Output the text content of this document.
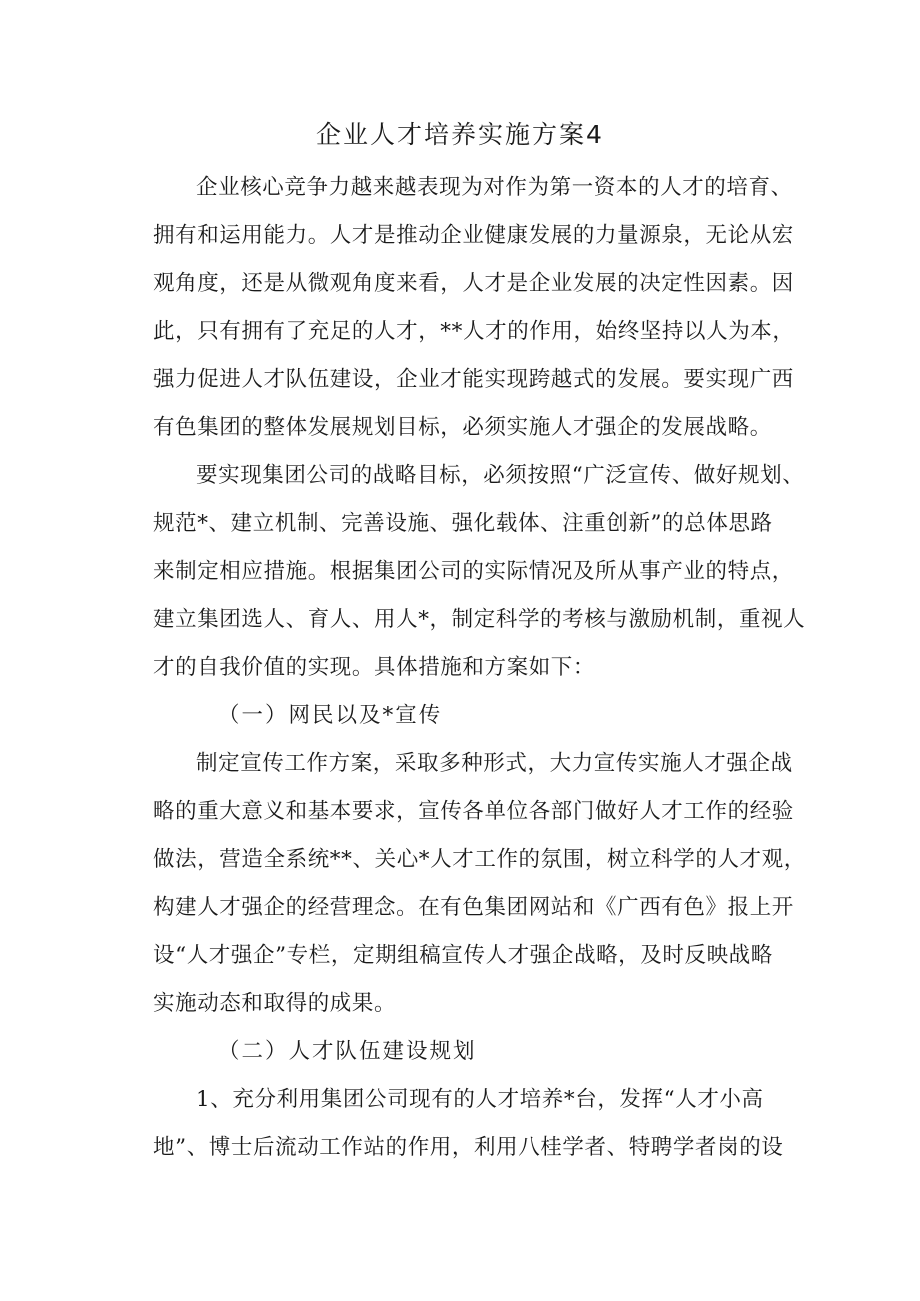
企业人才培养实施方案4
企业核心竞争力越来越表现为对作为第一资本的人才的培育、
拥有和运用能力。人才是推动企业健康发展的力量源泉，无论从宏
观角度，还是从微观角度来看，人才是企业发展的决定性因素。因
此，只有拥有了充足的人才，**人才的作用，始终坚持以人为本，
强力促进人才队伍建设，企业才能实现跨越式的发展。要实现广西
有色集团的整体发展规划目标，必须实施人才强企的发展战略。
要实现集团公司的战略目标，必须按照“广泛宣传、做好规划、
规范*、建立机制、完善设施、强化载体、注重创新”的总体思路
来制定相应措施。根据集团公司的实际情况及所从事产业的特点，
建立集团选人、育人、用人*，制定科学的考核与激励机制，重视人
才的自我价值的实现。具体措施和方案如下：
（一）网民以及*宣传
制定宣传工作方案，采取多种形式，大力宣传实施人才强企战
略的重大意义和基本要求，宣传各单位各部门做好人才工作的经验
做法，营造全系统**、关心*人才工作的氛围，树立科学的人才观，
构建人才强企的经营理念。在有色集团网站和《广西有色》报上开
设“人才强企”专栏，定期组稿宣传人才强企战略，及时反映战略
实施动态和取得的成果。
（二）人才队伍建设规划
1、充分利用集团公司现有的人才培养*台，发挥“人才小高
地”、博士后流动工作站的作用，利用八桂学者、特聘学者岗的设
